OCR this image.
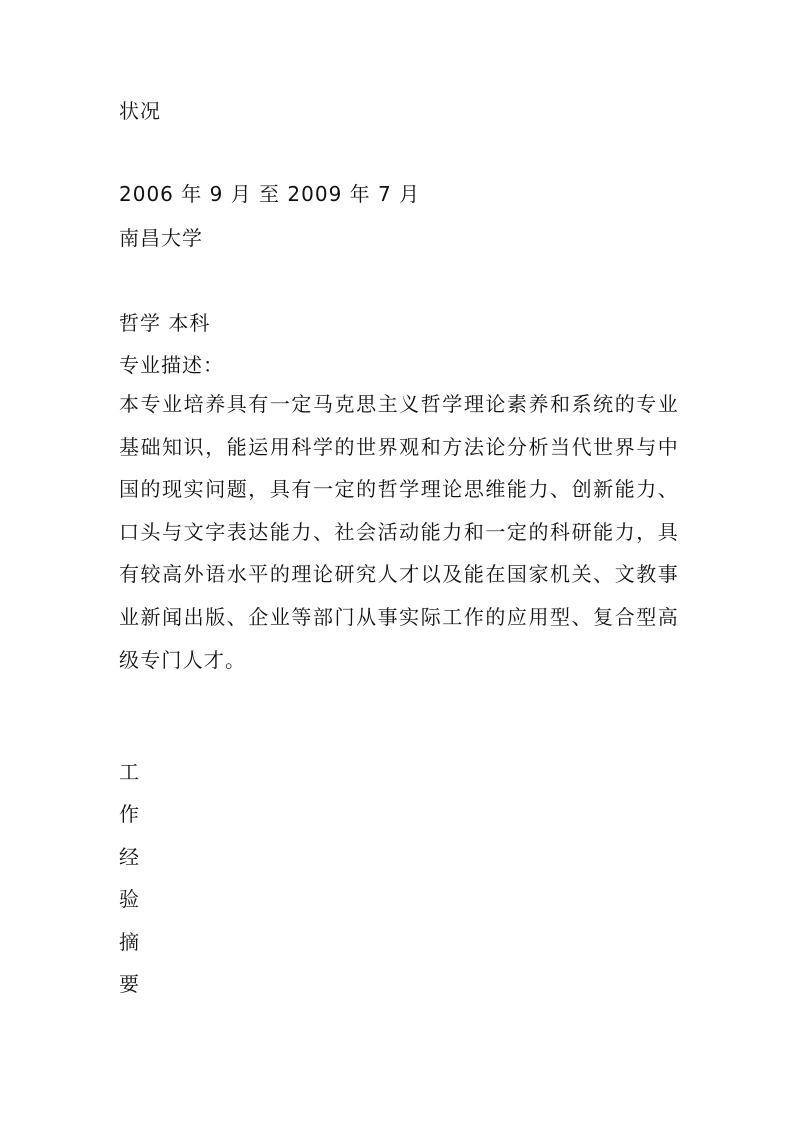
状况
2006 年 9 月 至 2009 年 7 月
南昌大学
哲学 本科
专业描述：
本专业培养具有一定马克思主义哲学理论素养和系统的专业基础知识，能运用科学的世界观和方法论分析当代世界与中国的现实问题，具有一定的哲学理论思维能力、创新能力、口头与文字表达能力、社会活动能力和一定的科研能力，具有较高外语水平的理论研究人才以及能在国家机关、文教事业新闻出版、企业等部门从事实际工作的应用型、复合型高级专门人才。
工
作
经
验
摘
要
